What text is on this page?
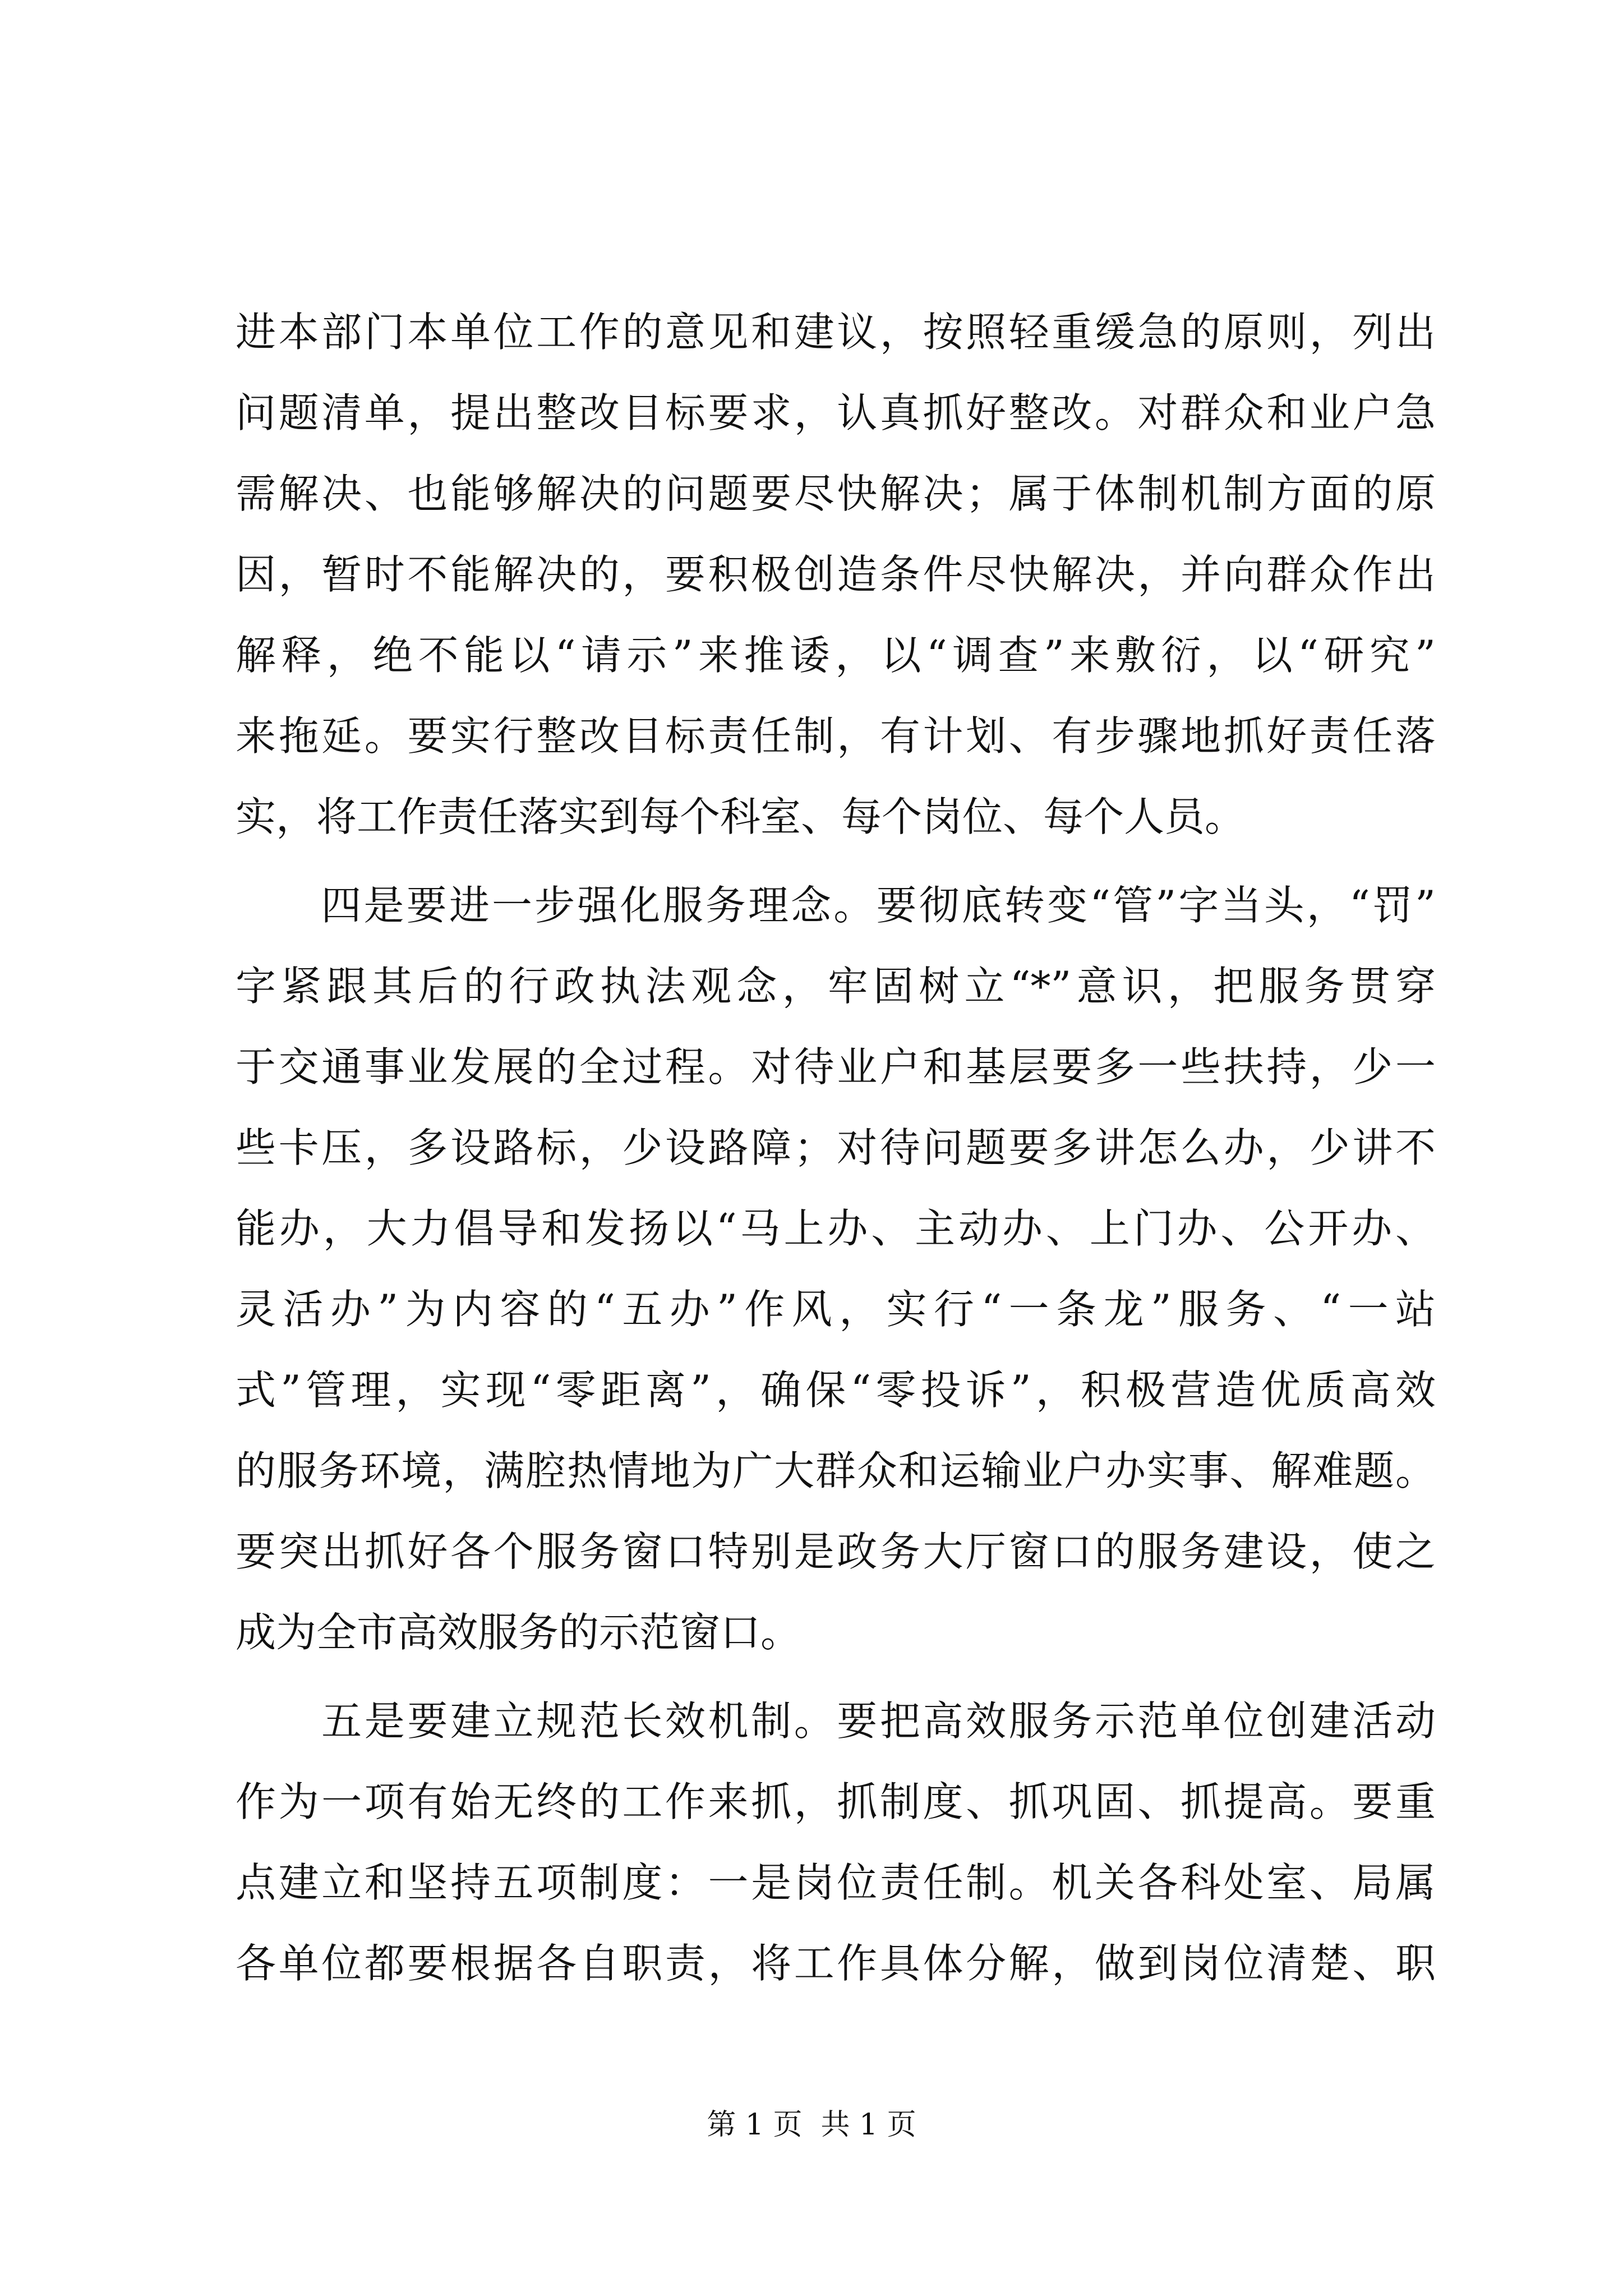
进本部门本单位工作的意见和建议，按照轻重缓急的原则，列出
问题清单，提出整改目标要求，认真抓好整改。对群众和业户急
需解决、也能够解决的问题要尽快解决；属于体制机制方面的原
因，暂时不能解决的，要积极创造条件尽快解决，并向群众作出
解释，绝不能以“请示”来推诿，以“调查”来敷衍，以“研究”
来拖延。要实行整改目标责任制，有计划、有步骤地抓好责任落
实，将工作责任落实到每个科室、每个岗位、每个人员。
　　四是要进一步强化服务理念。要彻底转变“管”字当头，“罚”
字紧跟其后的行政执法观念，牢固树立“*”意识，把服务贯穿
于交通事业发展的全过程。对待业户和基层要多一些扶持，少一
些卡压，多设路标，少设路障；对待问题要多讲怎么办，少讲不
能办，大力倡导和发扬以“马上办、主动办、上门办、公开办、
灵活办”为内容的“五办”作风，实行“一条龙”服务、“一站
式”管理，实现“零距离”，确保“零投诉”，积极营造优质高效
的服务环境，满腔热情地为广大群众和运输业户办实事、解难题。
要突出抓好各个服务窗口特别是政务大厅窗口的服务建设，使之
成为全市高效服务的示范窗口。
　　五是要建立规范长效机制。要把高效服务示范单位创建活动
作为一项有始无终的工作来抓，抓制度、抓巩固、抓提高。要重
点建立和坚持五项制度：一是岗位责任制。机关各科处室、局属
各单位都要根据各自职责，将工作具体分解，做到岗位清楚、职
第 1 页  共 1 页
